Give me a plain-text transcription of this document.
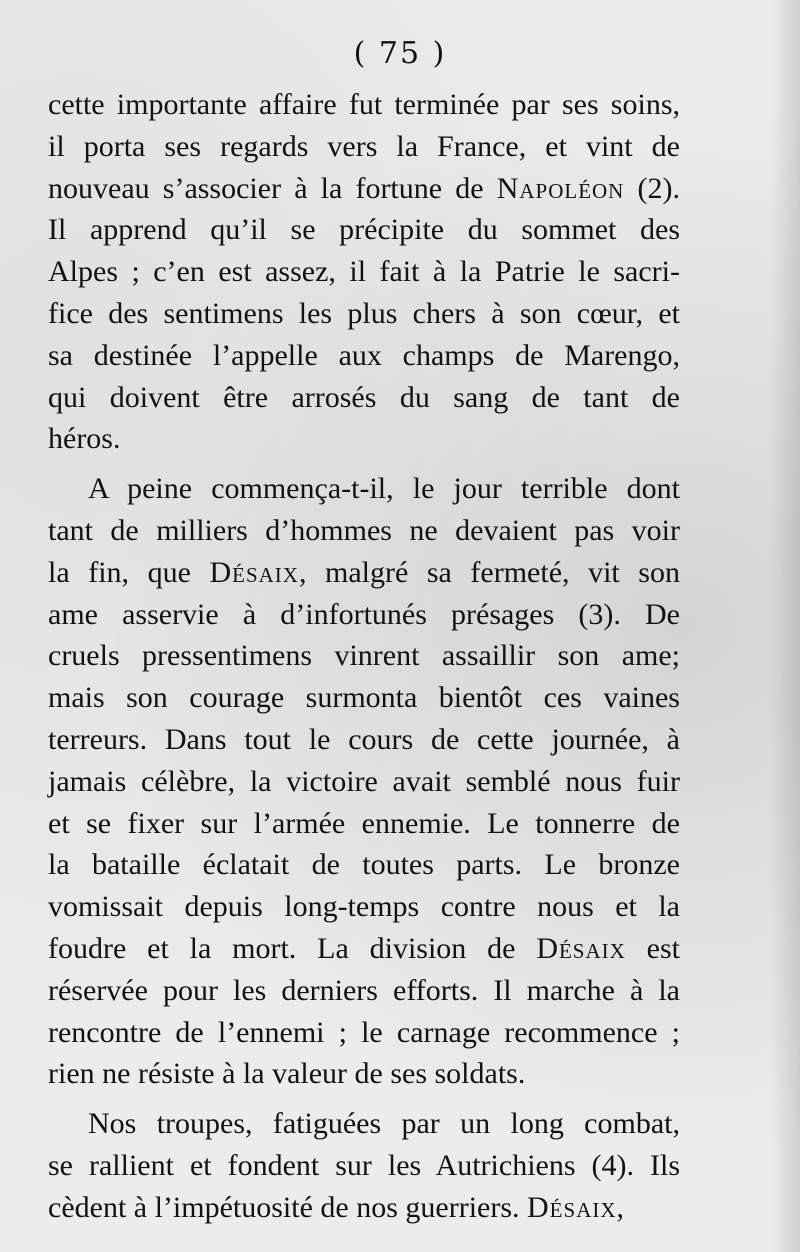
( 75 )
cette importante affaire fut terminée par ses soins,
il porta ses regards vers la France, et vint de
nouveau s’associer à la fortune de Napoléon (2).
Il apprend qu’il se précipite du sommet des
Alpes ; c’en est assez, il fait à la Patrie le sacri-
fice des sentimens les plus chers à son cœur, et
sa destinée l’appelle aux champs de Marengo,
qui doivent être arrosés du sang de tant de
héros.
A peine commença-t-il, le jour terrible dont
tant de milliers d’hommes ne devaient pas voir
la fin, que Désaix, malgré sa fermeté, vit son
ame asservie à d’infortunés présages (3). De
cruels pressentimens vinrent assaillir son ame;
mais son courage surmonta bientôt ces vaines
terreurs. Dans tout le cours de cette journée, à
jamais célèbre, la victoire avait semblé nous fuir
et se fixer sur l’armée ennemie. Le tonnerre de
la bataille éclatait de toutes parts. Le bronze
vomissait depuis long-temps contre nous et la
foudre et la mort. La division de Désaix est
réservée pour les derniers efforts. Il marche à la
rencontre de l’ennemi ; le carnage recommence ;
rien ne résiste à la valeur de ses soldats.
Nos troupes, fatiguées par un long combat,
se rallient et fondent sur les Autrichiens (4). Ils
cèdent à l’impétuosité de nos guerriers. Désaix,
